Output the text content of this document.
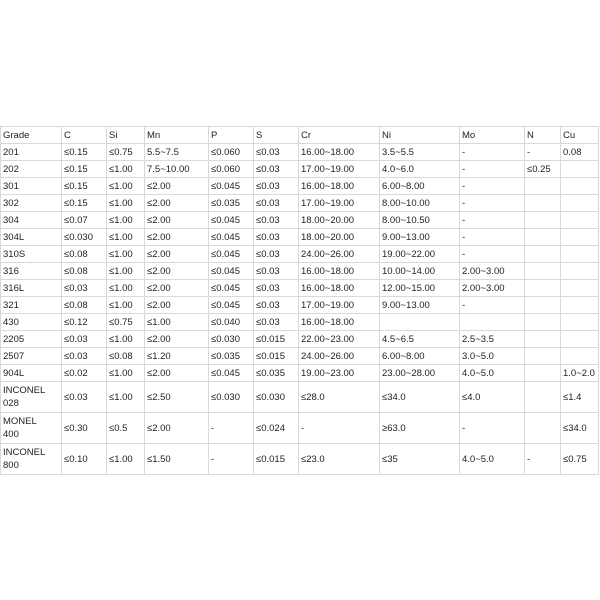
Grade	C	Si	Mn	P	S	Cr	Ni	Mo	N	Cu
201	≤0.15	≤0.75	5.5~7.5	≤0.060	≤0.03	16.00~18.00	3.5~5.5	-	-	0.08
202	≤0.15	≤1.00	7.5~10.00	≤0.060	≤0.03	17.00~19.00	4.0~6.0	-	≤0.25	
301	≤0.15	≤1.00	≤2.00	≤0.045	≤0.03	16.00~18.00	6.00~8.00	-		
302	≤0.15	≤1.00	≤2.00	≤0.035	≤0.03	17.00~19.00	8.00~10.00	-		
304	≤0.07	≤1.00	≤2.00	≤0.045	≤0.03	18.00~20.00	8.00~10.50	-		
304L	≤0.030	≤1.00	≤2.00	≤0.045	≤0.03	18.00~20.00	9.00~13.00	-		
310S	≤0.08	≤1.00	≤2.00	≤0.045	≤0.03	24.00~26.00	19.00~22.00	-		
316	≤0.08	≤1.00	≤2.00	≤0.045	≤0.03	16.00~18.00	10.00~14.00	2.00~3.00		
316L	≤0.03	≤1.00	≤2.00	≤0.045	≤0.03	16.00~18.00	12.00~15.00	2.00~3.00		
321	≤0.08	≤1.00	≤2.00	≤0.045	≤0.03	17.00~19.00	9.00~13.00	-		
430	≤0.12	≤0.75	≤1.00	≤0.040	≤0.03	16.00~18.00				
2205	≤0.03	≤1.00	≤2.00	≤0.030	≤0.015	22.00~23.00	4.5~6.5	2.5~3.5		
2507	≤0.03	≤0.08	≤1.20	≤0.035	≤0.015	24.00~26.00	6.00~8.00	3.0~5.0		
904L	≤0.02	≤1.00	≤2.00	≤0.045	≤0.035	19.00~23.00	23.00~28.00	4.0~5.0		1.0~2.0
INCONEL
028	≤0.03	≤1.00	≤2.50	≤0.030	≤0.030	≤28.0	≤34.0	≤4.0		≤1.4
MONEL
400	≤0.30	≤0.5	≤2.00	-	≤0.024	-	≥63.0	-		≤34.0
INCONEL
800	≤0.10	≤1.00	≤1.50	-	≤0.015	≤23.0	≤35	4.0~5.0	-	≤0.75
